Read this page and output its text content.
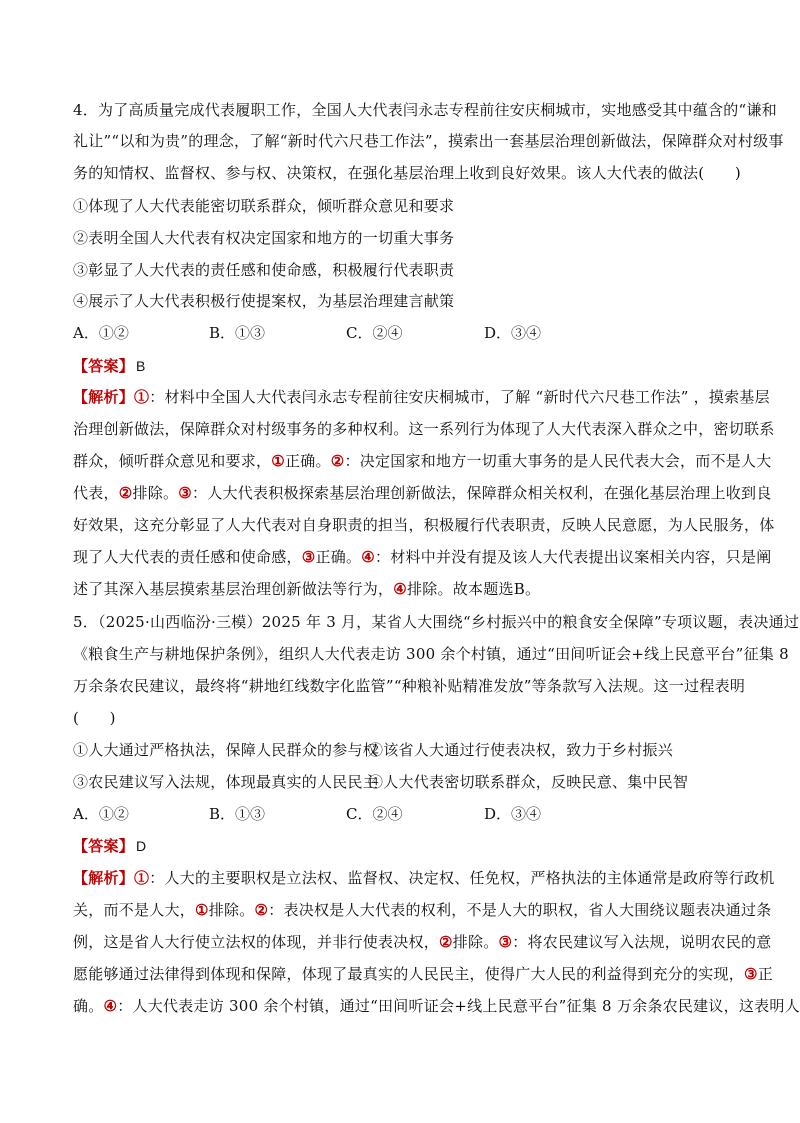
4．为了高质量完成代表履职工作，全国人大代表闫永志专程前往安庆桐城市，实地感受其中蕴含的“谦和
礼让”“以和为贵”的理念，了解“新时代六尺巷工作法”，摸索出一套基层治理创新做法，保障群众对村级事
务的知情权、监督权、参与权、决策权，在强化基层治理上收到良好效果。该人大代表的做法(　　)
①体现了人大代表能密切联系群众，倾听群众意见和要求
②表明全国人大代表有权决定国家和地方的一切重大事务
③彰显了人大代表的责任感和使命感，积极履行代表职责
④展示了人大代表积极行使提案权，为基层治理建言献策
A．①②	B．①③	C．②④	D．③④
【答案】 B
【解析】①：材料中全国人大代表闫永志专程前往安庆桐城市，了解 “新时代六尺巷工作法” ，摸索基层
治理创新做法，保障群众对村级事务的多种权利。这一系列行为体现了人大代表深入群众之中，密切联系
群众，倾听群众意见和要求，①正确。②：决定国家和地方一切重大事务的是人民代表大会，而不是人大
代表，②排除。③：人大代表积极探索基层治理创新做法，保障群众相关权利，在强化基层治理上收到良
好效果，这充分彰显了人大代表对自身职责的担当，积极履行代表职责，反映人民意愿，为人民服务，体
现了人大代表的责任感和使命感，③正确。④：材料中并没有提及该人大代表提出议案相关内容，只是阐
述了其深入基层摸索基层治理创新做法等行为，④排除。故本题选B。
5．（2025·山西临汾·三模）2025 年 3 月，某省人大围绕“乡村振兴中的粮食安全保障”专项议题，表决通过
《粮食生产与耕地保护条例》，组织人大代表走访 300 余个村镇，通过“田间听证会+线上民意平台”征集 8
万余条农民建议，最终将“耕地红线数字化监管”“种粮补贴精准发放”等条款写入法规。这一过程表明
(　　)
①人大通过严格执法，保障人民群众的参与权②该省人大通过行使表决权，致力于乡村振兴
③农民建议写入法规，体现最真实的人民民主④人大代表密切联系群众，反映民意、集中民智
A．①②	B．①③	C．②④	D．③④
【答案】 D
【解析】①：人大的主要职权是立法权、监督权、决定权、任免权，严格执法的主体通常是政府等行政机
关，而不是人大，①排除。②：表决权是人大代表的权利，不是人大的职权，省人大围绕议题表决通过条
例，这是省人大行使立法权的体现，并非行使表决权，②排除。③：将农民建议写入法规，说明农民的意
愿能够通过法律得到体现和保障，体现了最真实的人民民主，使得广大人民的利益得到充分的实现，③正
确。④：人大代表走访 300 余个村镇，通过“田间听证会+线上民意平台”征集 8 万余条农民建议，这表明人
